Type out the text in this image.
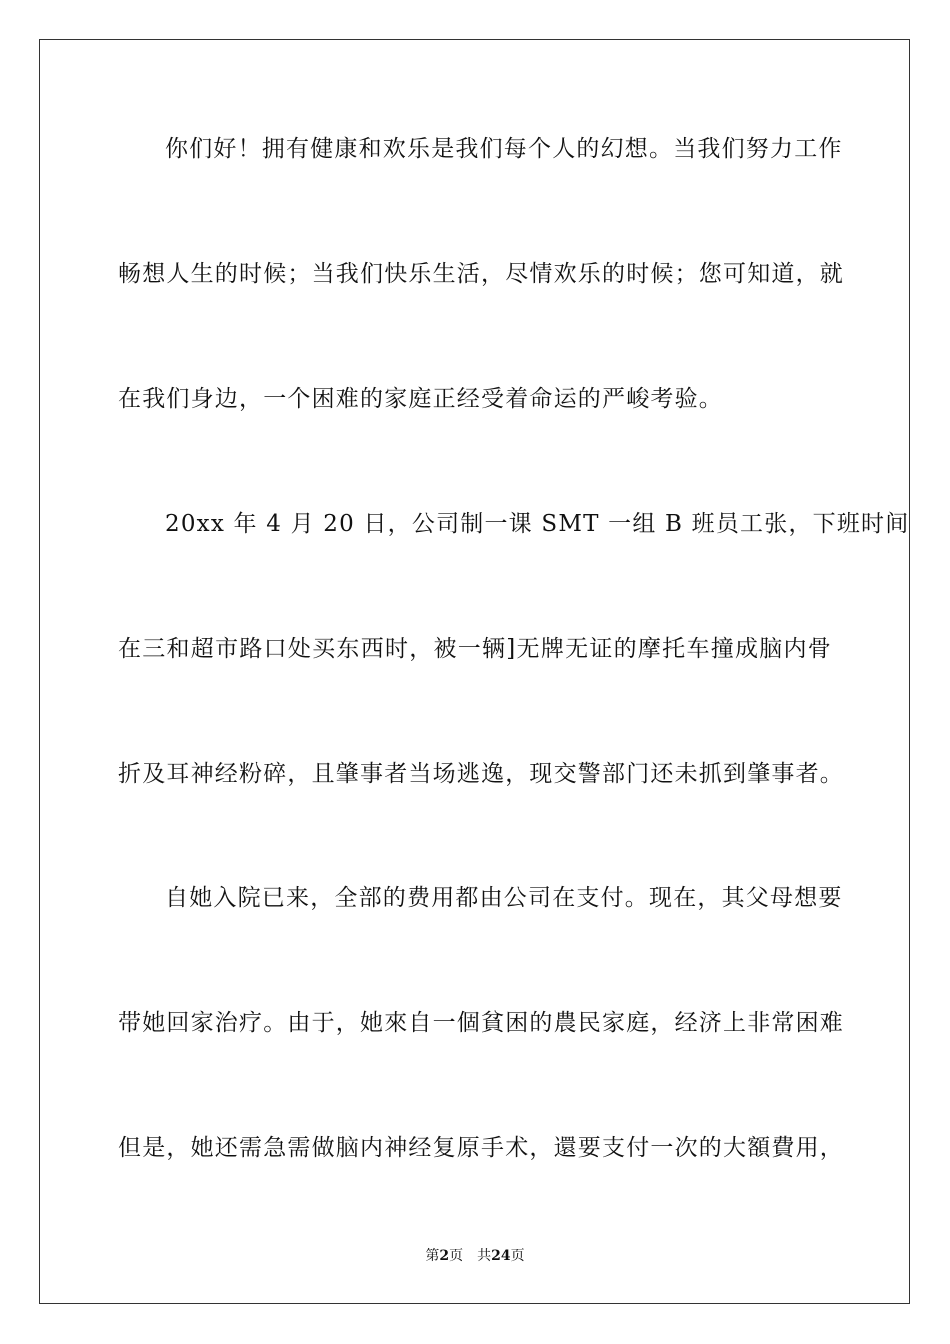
你们好！拥有健康和欢乐是我们每个人的幻想。当我们努力工作
畅想人生的时候；当我们快乐生活，尽情欢乐的时候；您可知道，就
在我们身边，一个困难的家庭正经受着命运的严峻考验。
20xx 年 4 月 20 日，公司制一课 SMT 一组 B 班员工张，下班时间
在三和超市路口处买东西时，被一辆]无牌无证的摩托车撞成脑内骨
折及耳神经粉碎，且肇事者当场逃逸，现交警部门还未抓到肇事者。
自她入院已来，全部的费用都由公司在支付。现在，其父母想要
带她回家治疗。由于，她來自一個貧困的農民家庭，经济上非常困难
但是，她还需急需做脑内神经复原手术，還要支付一次的大額費用，
第2页 共24页
